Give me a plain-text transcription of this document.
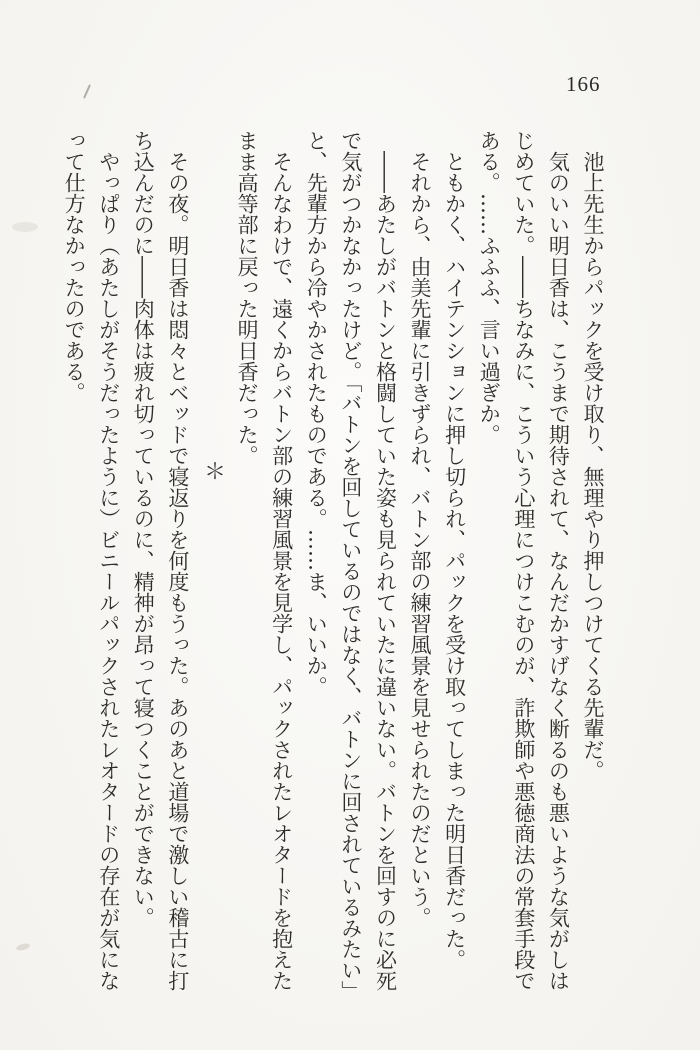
166

池上先生からパックを受け取り、無理やり押しつけてくる先輩だ。

気のいい明日香は、こうまで期待されて、なんだかすげなく断るのも悪いような気がしはじめていた。――ちなみに、こういう心理につけこむのが、詐欺師や悪徳商法の常套手段である。……ふふふ、言い過ぎか。

ともかく、ハイテンションに押し切られ、パックを受け取ってしまった明日香だった。

それから、由美先輩に引きずられ、バトン部の練習風景を見せられたのだという。

――あたしがバトンと格闘していた姿も見られていたに違いない。バトンを回すのに必死で気がつかなかったけど。「バトンを回しているのではなく、バトンに回されているみたい」と、先輩方から冷やかされたものである。……ま、いいか。

そんなわけで、遠くからバトン部の練習風景を見学し、パックされたレオタードを抱えたまま高等部に戻った明日香だった。

＊

その夜。明日香は悶々とベッドで寝返りを何度もうった。あのあと道場で激しい稽古に打ち込んだのに――肉体は疲れ切っているのに、精神が昂って寝つくことができない。

やっぱり（あたしがそうだったように）ビニールパックされたレオタードの存在が気になって仕方なかったのである。
